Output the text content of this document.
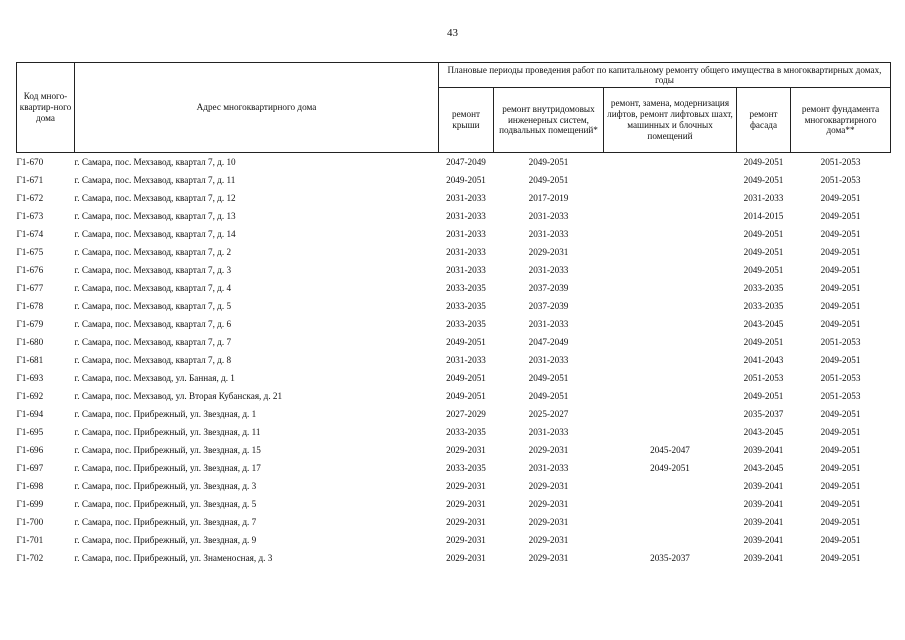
43
Код много-квартир-ного дома	Адрес многоквартирного дома	Плановые периоды проведения работ по капитальному ремонту общего имущества в многоквартирных домах, годы				
		ремонт крыши	ремонт внутридомовых инженерных систем, подвальных помещений*	ремонт, замена, модернизация лифтов, ремонт лифтовых шахт, машинных и блочных помещений	ремонт фасада	ремонт фундамента многоквартирного дома**
Г1-670	г. Самара, пос. Мехзавод, квартал 7, д. 10	2047-2049	2049-2051		2049-2051	2051-2053
Г1-671	г. Самара, пос. Мехзавод, квартал 7, д. 11	2049-2051	2049-2051		2049-2051	2051-2053
Г1-672	г. Самара, пос. Мехзавод, квартал 7, д. 12	2031-2033	2017-2019		2031-2033	2049-2051
Г1-673	г. Самара, пос. Мехзавод, квартал 7, д. 13	2031-2033	2031-2033		2014-2015	2049-2051
Г1-674	г. Самара, пос. Мехзавод, квартал 7, д. 14	2031-2033	2031-2033		2049-2051	2049-2051
Г1-675	г. Самара, пос. Мехзавод, квартал 7, д. 2	2031-2033	2029-2031		2049-2051	2049-2051
Г1-676	г. Самара, пос. Мехзавод, квартал 7, д. 3	2031-2033	2031-2033		2049-2051	2049-2051
Г1-677	г. Самара, пос. Мехзавод, квартал 7, д. 4	2033-2035	2037-2039		2033-2035	2049-2051
Г1-678	г. Самара, пос. Мехзавод, квартал 7, д. 5	2033-2035	2037-2039		2033-2035	2049-2051
Г1-679	г. Самара, пос. Мехзавод, квартал 7, д. 6	2033-2035	2031-2033		2043-2045	2049-2051
Г1-680	г. Самара, пос. Мехзавод, квартал 7, д. 7	2049-2051	2047-2049		2049-2051	2051-2053
Г1-681	г. Самара, пос. Мехзавод, квартал 7, д. 8	2031-2033	2031-2033		2041-2043	2049-2051
Г1-693	г. Самара, пос. Мехзавод, ул. Банная, д. 1	2049-2051	2049-2051		2051-2053	2051-2053
Г1-692	г. Самара, пос. Мехзавод, ул. Вторая Кубанская, д. 21	2049-2051	2049-2051		2049-2051	2051-2053
Г1-694	г. Самара, пос. Прибрежный, ул. Звездная, д. 1	2027-2029	2025-2027		2035-2037	2049-2051
Г1-695	г. Самара, пос. Прибрежный, ул. Звездная, д. 11	2033-2035	2031-2033		2043-2045	2049-2051
Г1-696	г. Самара, пос. Прибрежный, ул. Звездная, д. 15	2029-2031	2029-2031	2045-2047	2039-2041	2049-2051
Г1-697	г. Самара, пос. Прибрежный, ул. Звездная, д. 17	2033-2035	2031-2033	2049-2051	2043-2045	2049-2051
Г1-698	г. Самара, пос. Прибрежный, ул. Звездная, д. 3	2029-2031	2029-2031		2039-2041	2049-2051
Г1-699	г. Самара, пос. Прибрежный, ул. Звездная, д. 5	2029-2031	2029-2031		2039-2041	2049-2051
Г1-700	г. Самара, пос. Прибрежный, ул. Звездная, д. 7	2029-2031	2029-2031		2039-2041	2049-2051
Г1-701	г. Самара, пос. Прибрежный, ул. Звездная, д. 9	2029-2031	2029-2031		2039-2041	2049-2051
Г1-702	г. Самара, пос. Прибрежный, ул. Знаменосная, д. 3	2029-2031	2029-2031	2035-2037	2039-2041	2049-2051
